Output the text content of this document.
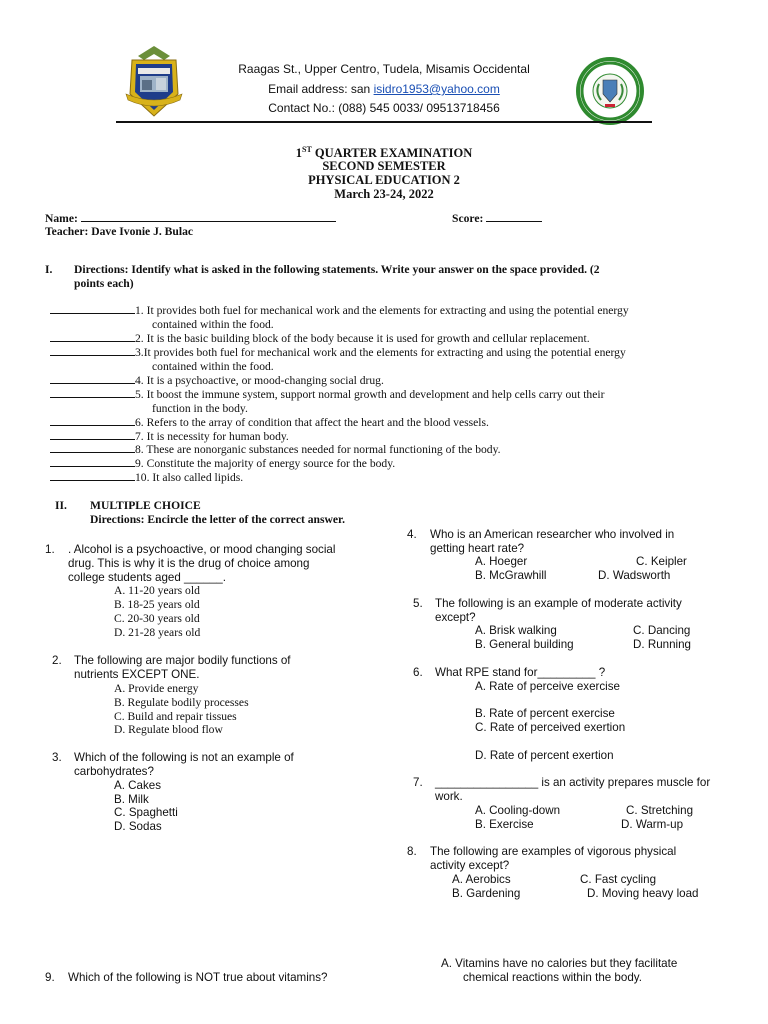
Raagas St., Upper Centro, Tudela, Misamis Occidental
Email address: san isidro1953@yahoo.com
Contact No.: (088) 545 0033/ 09513718456
1ST QUARTER EXAMINATION
SECOND SEMESTER
PHYSICAL EDUCATION 2
March 23-24, 2022
Name:	Score:
Teacher: Dave Ivonie J. Bulac
I. Directions: Identify what is asked in the following statements. Write your answer on the space provided. (2
points each)
1. It provides both fuel for mechanical work and the elements for extracting and using the potential energy
contained within the food.
2. It is the basic building block of the body because it is used for growth and cellular replacement.
3.It provides both fuel for mechanical work and the elements for extracting and using the potential energy
contained within the food.
4. It is a psychoactive, or mood-changing social drug.
5. It boost the immune system, support normal growth and development and help cells carry out their
function in the body.
6. Refers to the array of condition that affect the heart and the blood vessels.
7. It is necessity for human body.
8. These are nonorganic substances needed for normal functioning of the body.
9. Constitute the majority of energy source for the body.
10. It also called lipids.
II. MULTIPLE CHOICE
Directions: Encircle the letter of the correct answer.
1. . Alcohol is a psychoactive, or mood changing social
drug. This is why it is the drug of choice among
college students aged ______.
A. 11-20 years old
B. 18-25 years old
C. 20-30 years old
D. 21-28 years old
2. The following are major bodily functions of
nutrients EXCEPT ONE.
A. Provide energy
B. Regulate bodily processes
C. Build and repair tissues
D. Regulate blood flow
3. Which of the following is not an example of
carbohydrates?
A. Cakes
B. Milk
C. Spaghetti
D. Sodas
9. Which of the following is NOT true about vitamins?
4. Who is an American researcher who involved in
getting heart rate?
A. Hoeger	C. Keipler
B. McGrawhill	D. Wadsworth
5. The following is an example of moderate activity
except?
A. Brisk walking	C. Dancing
B. General building	D. Running
6. What RPE stand for_________ ?
A. Rate of perceive exercise
B. Rate of percent exercise
C. Rate of perceived exertion
D. Rate of percent exertion
7. ________________ is an activity prepares muscle for
work.
A. Cooling-down	C. Stretching
B. Exercise	D. Warm-up
8. The following are examples of vigorous physical
activity except?
A. Aerobics	C. Fast cycling
B. Gardening	D. Moving heavy load
A. Vitamins have no calories but they facilitate
chemical reactions within the body.
